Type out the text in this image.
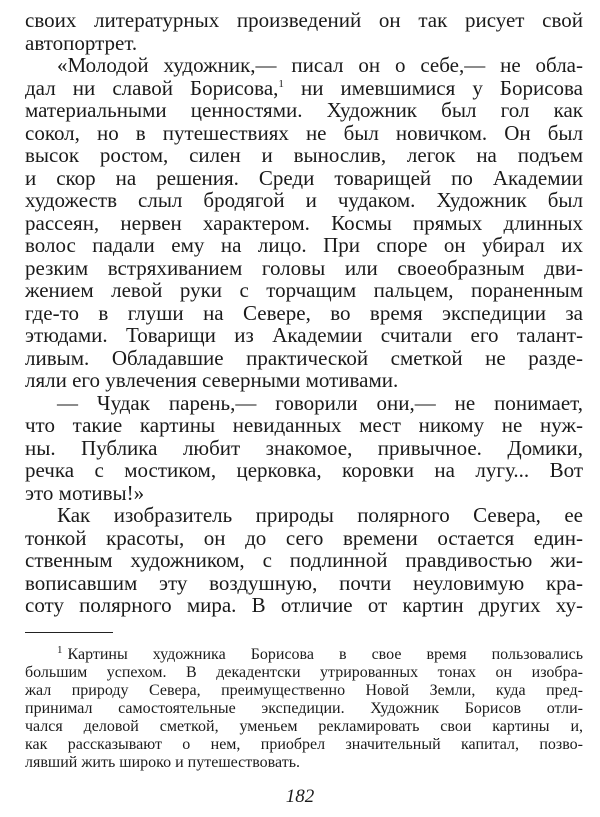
своих литературных произведений он так рисует свой
автопортрет.
«Молодой художник,— писал он о себе,— не обла-
дал ни славой Борисова,$^1$ ни имевшимися у Борисова
материальными ценностями. Художник был гол как
сокол, но в путешествиях не был новичком. Он был
высок ростом, силен и вынослив, легок на подъем
и скор на решения. Среди товарищей по Академии
художеств слыл бродягой и чудаком. Художник был
рассеян, нервен характером. Космы прямых длинных
волос падали ему на лицо. При споре он убирал их
резким встряхиванием головы или своеобразным дви-
жением левой руки с торчащим пальцем, пораненным
где-то в глуши на Севере, во время экспедиции за
этюдами. Товарищи из Академии считали его талант-
ливым. Обладавшие практической сметкой не разде-
ляли его увлечения северными мотивами.
— Чудак парень,— говорили они,— не понимает,
что такие картины невиданных мест никому не нуж-
ны. Публика любит знакомое, привычное. Домики,
речка с мостиком, церковка, коровки на лугу... Вот
это мотивы!»
Как изобразитель природы полярного Севера, ее
тонкой красоты, он до сего времени остается един-
ственным художником, с подлинной правдивостью жи-
вописавшим эту воздушную, почти неуловимую кра-
соту полярного мира. В отличие от картин других ху-
$^1$ Картины художника Борисова в свое время пользовались
большим успехом. В декадентски утрированных тонах он изобра-
жал природу Севера, преимущественно Новой Земли, куда пред-
принимал самостоятельные экспедиции. Художник Борисов отли-
чался деловой сметкой, уменьем рекламировать свои картины и,
как рассказывают о нем, приобрел значительный капитал, позво-
лявший жить широко и путешествовать.
182
